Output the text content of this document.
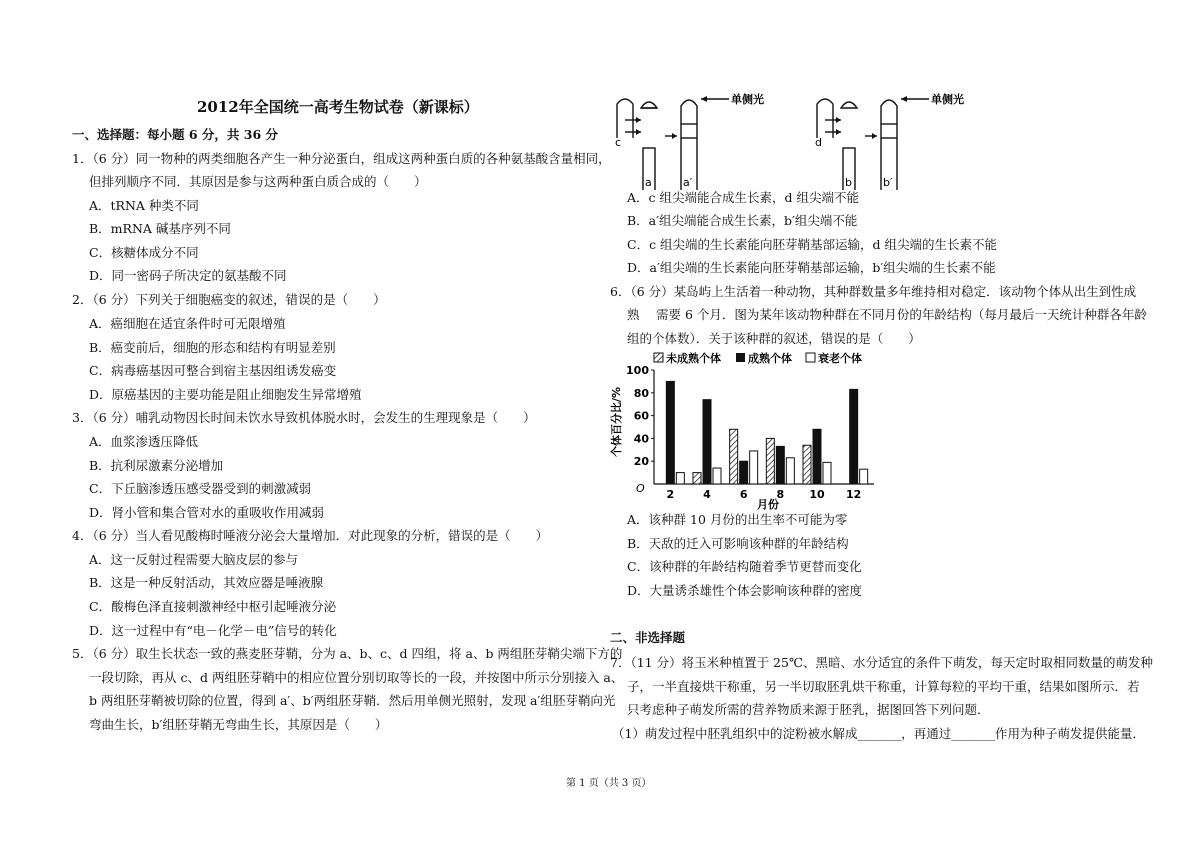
2012年全国统一高考生物试卷（新课标）
一、选择题：每小题 6 分，共 36 分
1．（6 分）同一物种的两类细胞各产生一种分泌蛋白，组成这两种蛋白质的各种氨基酸含量相同，
但排列顺序不同．其原因是参与这两种蛋白质合成的（　　）
A．tRNA 种类不同
B．mRNA 碱基序列不同
C．核糖体成分不同
D．同一密码子所决定的氨基酸不同
2．（6 分）下列关于细胞癌变的叙述，错误的是（　　）
A．癌细胞在适宜条件时可无限增殖
B．癌变前后，细胞的形态和结构有明显差别
C．病毒癌基因可整合到宿主基因组诱发癌变
D．原癌基因的主要功能是阻止细胞发生异常增殖
3．（6 分）哺乳动物因长时间未饮水导致机体脱水时，会发生的生理现象是（　　）
A．血浆渗透压降低
B．抗利尿激素分泌增加
C．下丘脑渗透压感受器受到的刺激减弱
D．肾小管和集合管对水的重吸收作用减弱
4．（6 分）当人看见酸梅时唾液分泌会大量增加．对此现象的分析，错误的是（　　）
A．这一反射过程需要大脑皮层的参与
B．这是一种反射活动，其效应器是唾液腺
C．酸梅色泽直接刺激神经中枢引起唾液分泌
D．这一过程中有“电－化学－电”信号的转化
5．（6 分）取生长状态一致的燕麦胚芽鞘，分为 a、b、c、d 四组，将 a、b 两组胚芽鞘尖端下方的
一段切除，再从 c、d 两组胚芽鞘中的相应位置分别切取等长的一段，并按图中所示分别接入 a、
b 两组胚芽鞘被切除的位置，得到 a′、b′两组胚芽鞘．然后用单侧光照射，发现 a′组胚芽鞘向光
弯曲生长，b′组胚芽鞘无弯曲生长，其原因是（　　）
单侧光	单侧光
c
a	a′
d
b	b′
A．c 组尖端能合成生长素，d 组尖端不能
B．a′组尖端能合成生长素，b′组尖端不能
C．c 组尖端的生长素能向胚芽鞘基部运输，d 组尖端的生长素不能
D．a′组尖端的生长素能向胚芽鞘基部运输，b′组尖端的生长素不能
6．（6 分）某岛屿上生活着一种动物，其种群数量多年维持相对稳定．该动物个体从出生到性成
熟　 需要 6 个月．图为某年该动物种群在不同月份的年龄结构（每月最后一天统计种群各年龄
组的个体数）．关于该种群的叙述，错误的是（　　）
未成熟个体 成熟个体 衰老个体
个体百分比/%
月份
O
20
40
60
80
100
2	4	6	8 10 12
A．该种群 10 月份的出生率不可能为零
B．天敌的迁入可影响该种群的年龄结构
C．该种群的年龄结构随着季节更替而变化
D．大量诱杀雄性个体会影响该种群的密度
二、非选择题
7．（11 分）将玉米种植置于 25℃、黑暗、水分适宜的条件下萌发，每天定时取相同数量的萌发种
子，一半直接烘干称重，另一半切取胚乳烘干称重，计算每粒的平均干重，结果如图所示．若
只考虑种子萌发所需的营养物质来源于胚乳，据图回答下列问题．
（1）萌发过程中胚乳组织中的淀粉被水解成_______，再通过_______作用为种子萌发提供能量．
第 1 页（共 3 页）
